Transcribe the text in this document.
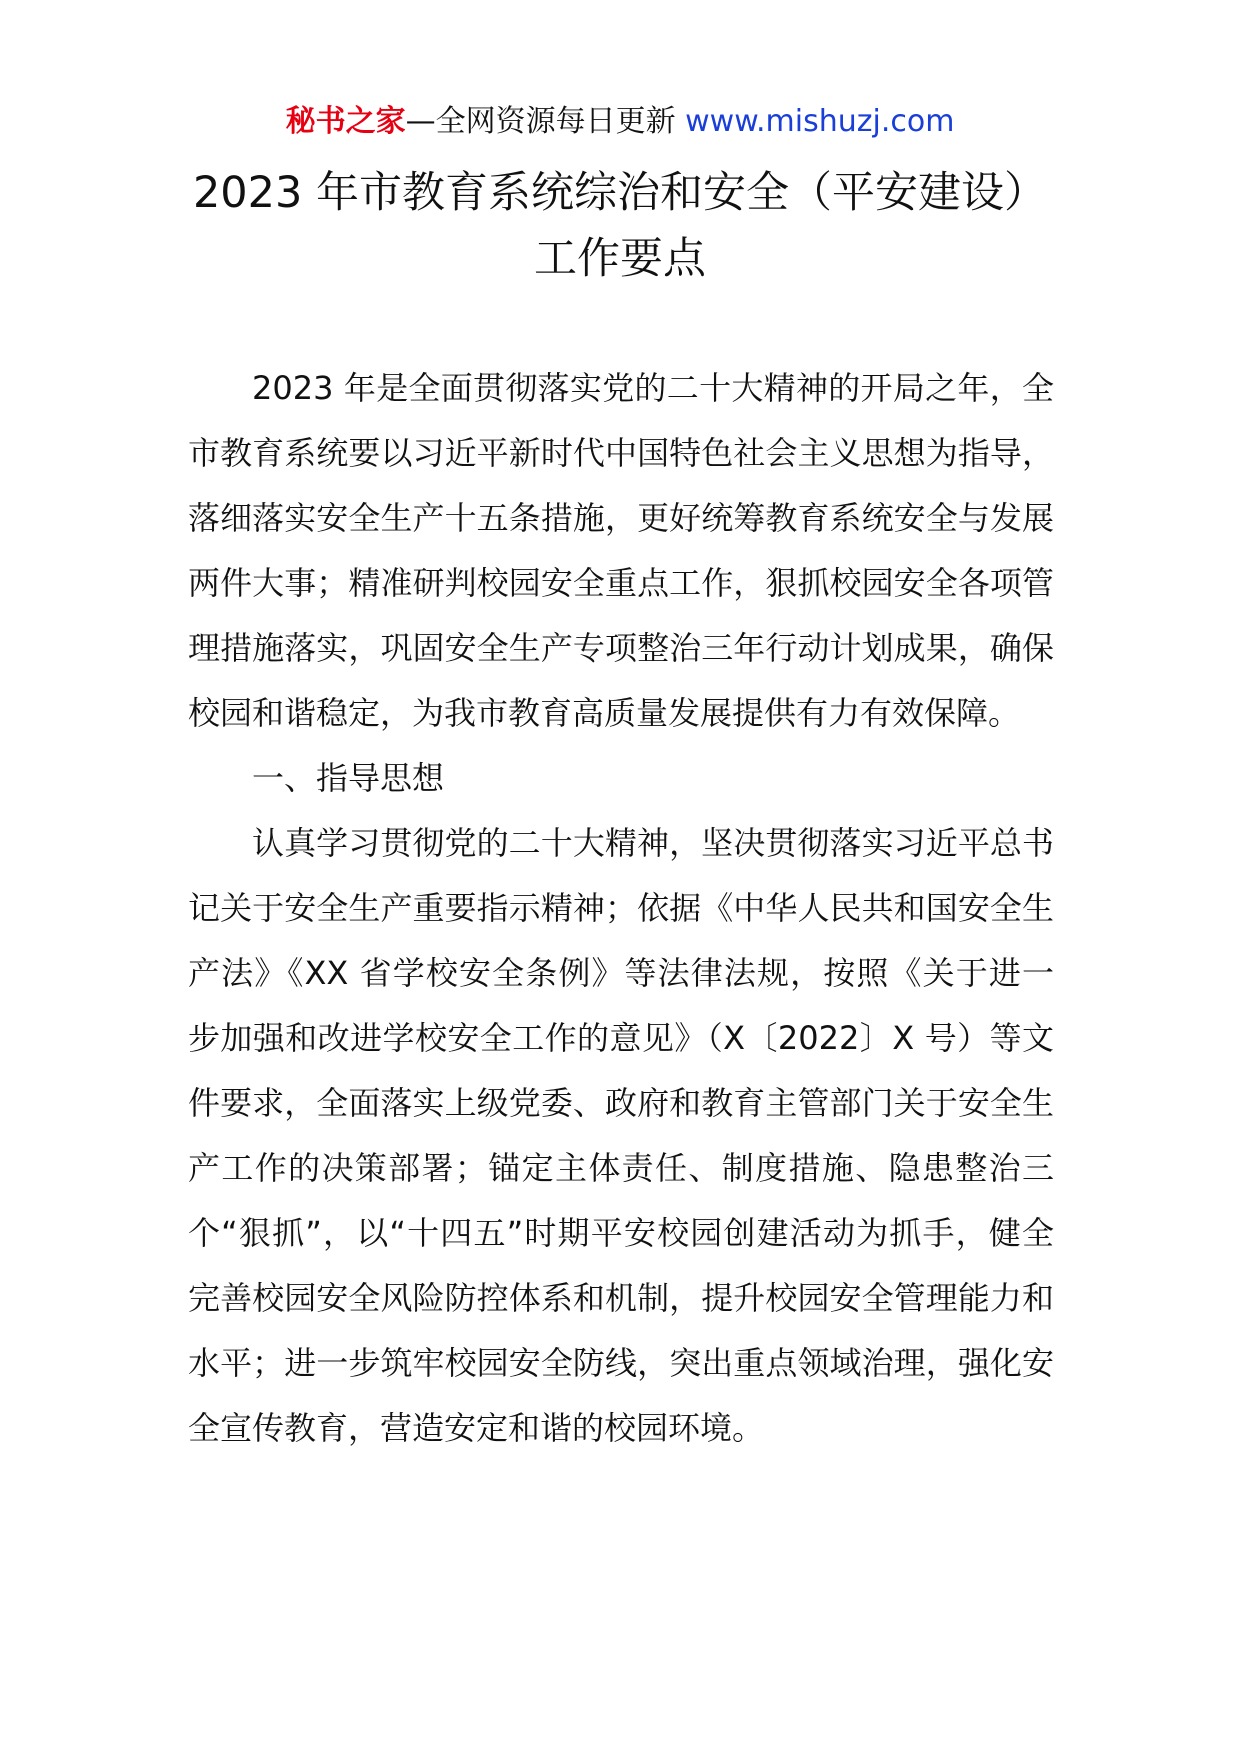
秘书之家—全网资源每日更新 www.mishuzj.com
2023 年市教育系统综治和安全（平安建设）工作要点

2023 年是全面贯彻落实党的二十大精神的开局之年，全市教育系统要以习近平新时代中国特色社会主义思想为指导，落细落实安全生产十五条措施，更好统筹教育系统安全与发展两件大事；精准研判校园安全重点工作，狠抓校园安全各项管理措施落实，巩固安全生产专项整治三年行动计划成果，确保校园和谐稳定，为我市教育高质量发展提供有力有效保障。

一、指导思想

认真学习贯彻党的二十大精神，坚决贯彻落实习近平总书记关于安全生产重要指示精神；依据《中华人民共和国安全生产法》《XX 省学校安全条例》等法律法规，按照《关于进一步加强和改进学校安全工作的意见》（X〔2022〕X 号）等文件要求，全面落实上级党委、政府和教育主管部门关于安全生产工作的决策部署；锚定主体责任、制度措施、隐患整治三个“狠抓”，以“十四五”时期平安校园创建活动为抓手，健全完善校园安全风险防控体系和机制，提升校园安全管理能力和水平；进一步筑牢校园安全防线，突出重点领域治理，强化安全宣传教育，营造安定和谐的校园环境。
